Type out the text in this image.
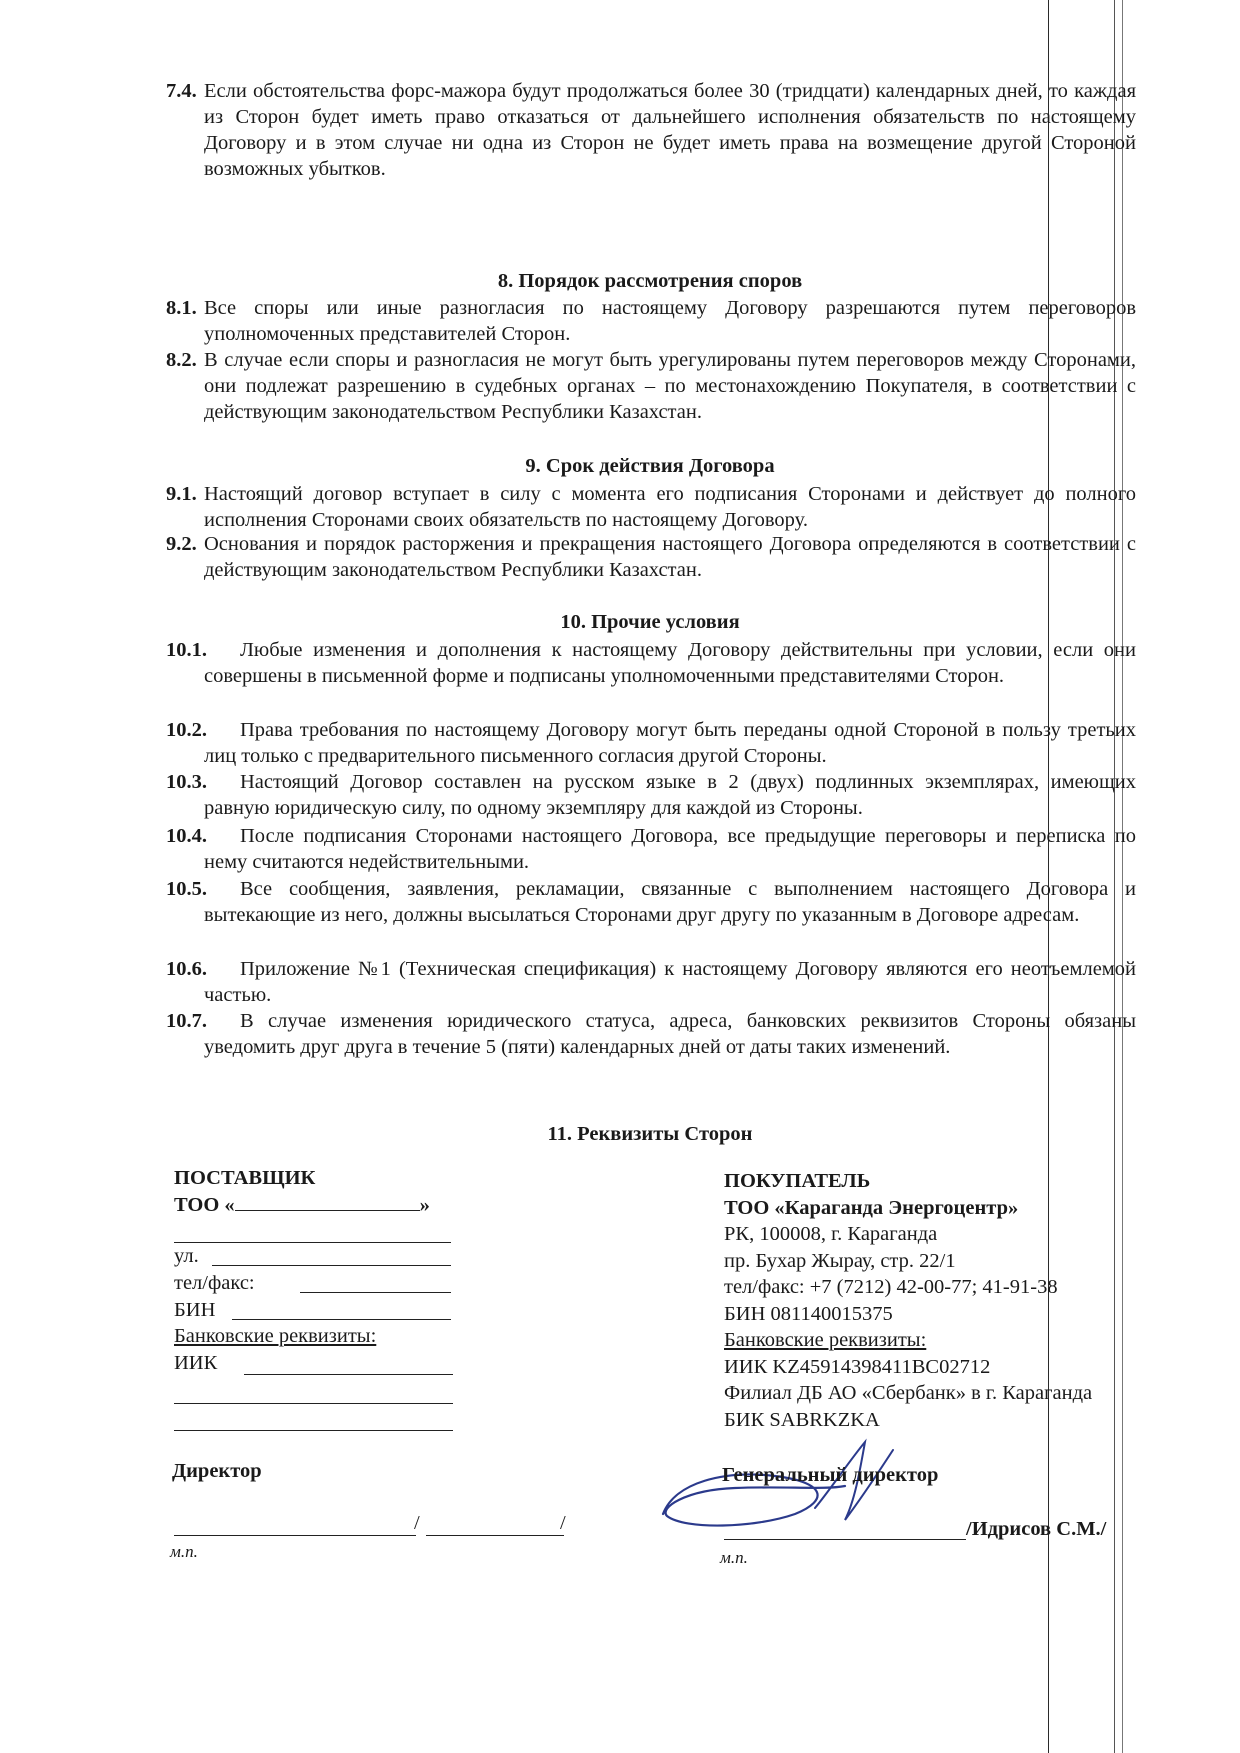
7.4. Если обстоятельства форс-мажора будут продолжаться более 30 (тридцати) календарных дней, то каждая из Сторон будет иметь право отказаться от дальнейшего исполнения обязательств по настоящему Договору и в этом случае ни одна из Сторон не будет иметь права на возмещение другой Стороной возможных убытков.
8. Порядок рассмотрения споров
8.1. Все споры или иные разногласия по настоящему Договору разрешаются путем переговоров уполномоченных представителей Сторон.
8.2. В случае если споры и разногласия не могут быть урегулированы путем переговоров между Сторонами, они подлежат разрешению в судебных органах – по местонахождению Покупателя, в соответствии с действующим законодательством Республики Казахстан.
9. Срок действия Договора
9.1. Настоящий договор вступает в силу с момента его подписания Сторонами и действует до полного исполнения Сторонами своих обязательств по настоящему Договору.
9.2. Основания и порядок расторжения и прекращения настоящего Договора определяются в соответствии с действующим законодательством Республики Казахстан.
10. Прочие условия
10.1.	Любые изменения и дополнения к настоящему Договору действительны при условии, если они совершены в письменной форме и подписаны уполномоченными представителями Сторон.
10.2.	Права требования по настоящему Договору могут быть переданы одной Стороной в пользу третьих лиц только с предварительного письменного согласия другой Стороны.
10.3.	Настоящий Договор составлен на русском языке в 2 (двух) подлинных экземплярах, имеющих равную юридическую силу, по одному экземпляру для каждой из Стороны.
10.4.	После подписания Сторонами настоящего Договора, все предыдущие переговоры и переписка по нему считаются недействительными.
10.5.	Все сообщения, заявления, рекламации, связанные с выполнением настоящего Договора и вытекающие из него, должны высылаться Сторонами друг другу по указанным в Договоре адресам.
10.6.	Приложение №1 (Техническая спецификация) к настоящему Договору являются его неотъемлемой частью.
10.7.	В случае изменения юридического статуса, адреса, банковских реквизитов Стороны обязаны уведомить друг друга в течение 5 (пяти) календарных дней от даты таких изменений.
11. Реквизиты Сторон
ПОСТАВЩИК
ТОО «	»
ул.
тел/факс:
БИН
Банковские реквизиты:
ИИК
Директор
/	/
м.п.
ПОКУПАТЕЛЬ
ТОО «Караганда Энергоцентр»
РК, 100008, г. Караганда
пр. Бухар Жырау, стр. 22/1
тел/факс: +7 (7212) 42-00-77; 41-91-38
БИН 081140015375
Банковские реквизиты:
ИИК KZ45914398411BC02712
Филиал ДБ АО «Сбербанк» в г. Караганда
БИК SABRKZKA
Генеральный директор
/Идрисов С.М./
м.п.
